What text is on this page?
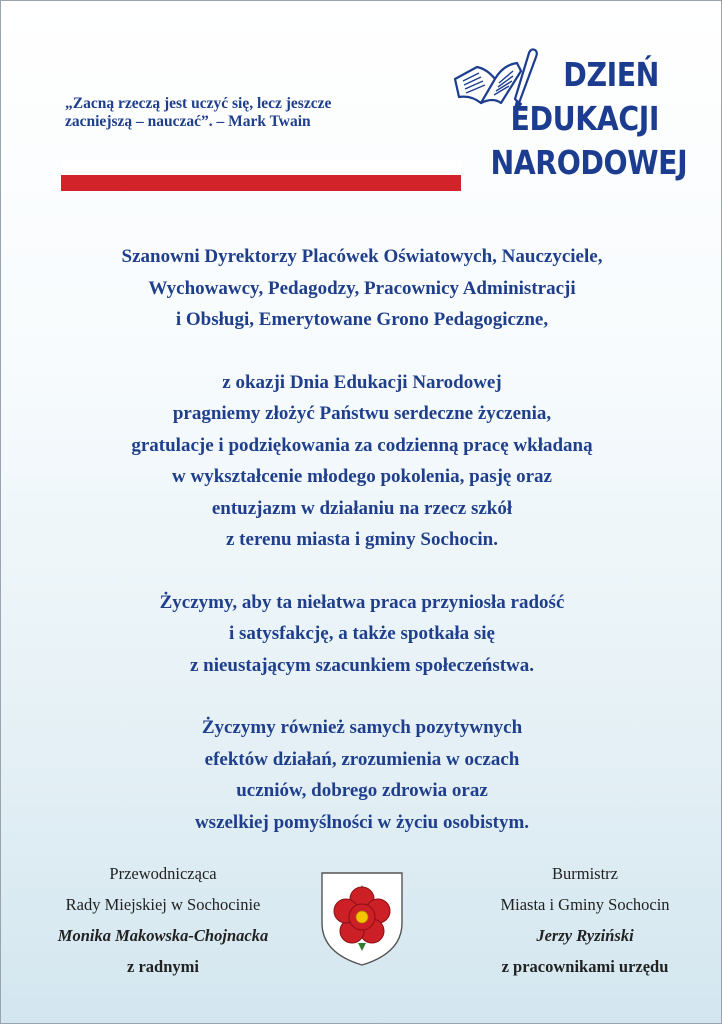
„Zacną rzeczą jest uczyć się, lecz jeszcze
zacniejszą – nauczać”. – Mark Twain
DZIEŃ
EDUKACJI
NARODOWEJ
Szanowni Dyrektorzy Placówek Oświatowych, Nauczyciele,
Wychowawcy, Pedagodzy, Pracownicy Administracji
i Obsługi, Emerytowane Grono Pedagogiczne,
z okazji Dnia Edukacji Narodowej
pragniemy złożyć Państwu serdeczne życzenia,
gratulacje i podziękowania za codzienną pracę wkładaną
w wykształcenie młodego pokolenia, pasję oraz
entuzjazm w działaniu na rzecz szkół
z terenu miasta i gminy Sochocin.
Życzymy, aby ta niełatwa praca przyniosła radość
i satysfakcję, a także spotkała się
z nieustającym szacunkiem społeczeństwa.
Życzymy również samych pozytywnych
efektów działań, zrozumienia w oczach
uczniów, dobrego zdrowia oraz
wszelkiej pomyślności w życiu osobistym.
Przewodnicząca
Rady Miejskiej w Sochocinie
Monika Makowska-Chojnacka
z radnymi
Burmistrz
Miasta i Gminy Sochocin
Jerzy Ryziński
z pracownikami urzędu
